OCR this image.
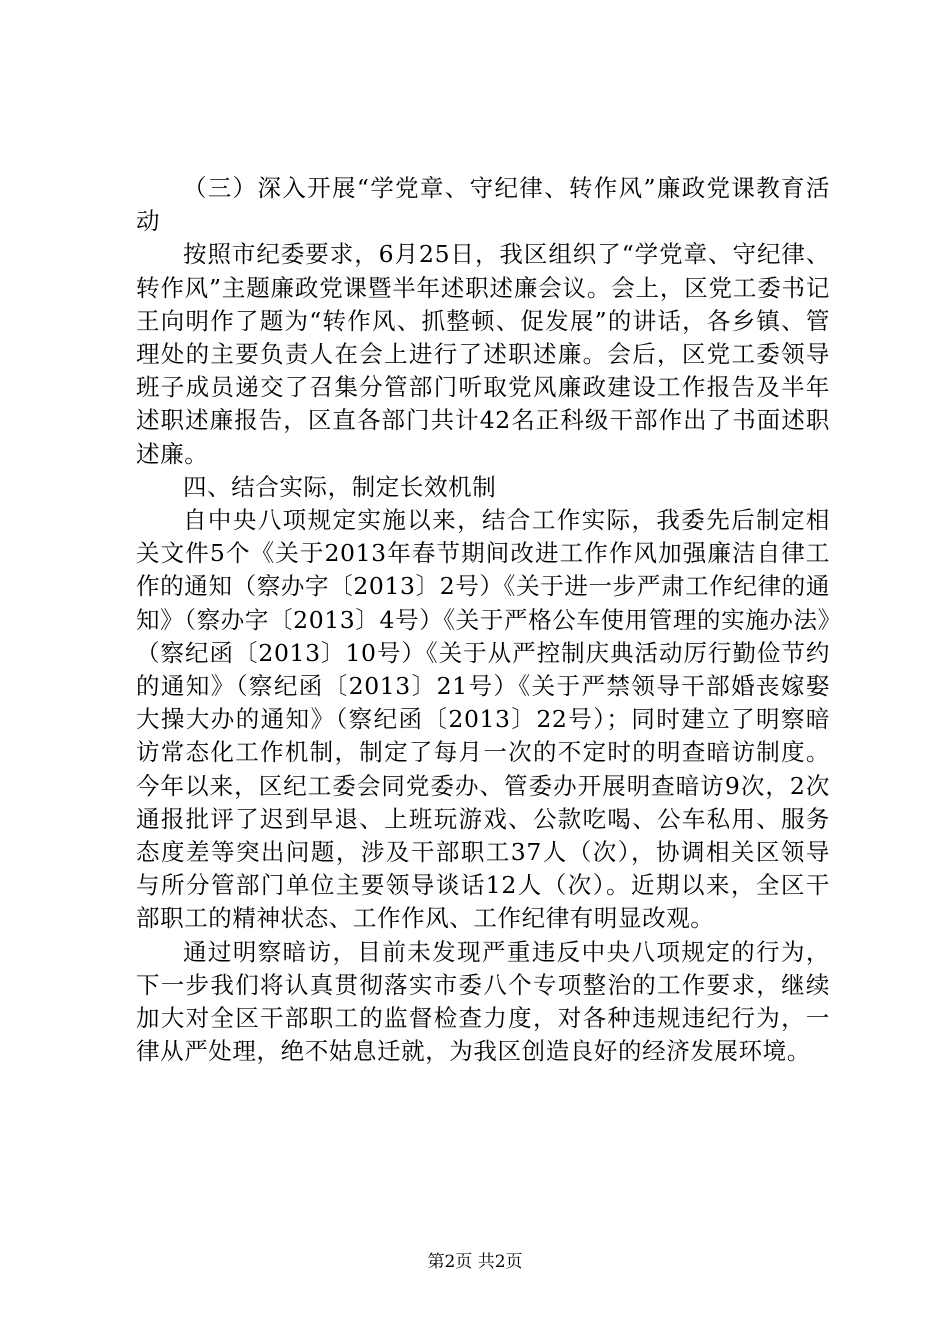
（三）深入开展“学党章、守纪律、转作风”廉政党课教育活动

按照市纪委要求，6月25日，我区组织了“学党章、守纪律、转作风”主题廉政党课暨半年述职述廉会议。会上，区党工委书记王向明作了题为“转作风、抓整顿、促发展”的讲话，各乡镇、管理处的主要负责人在会上进行了述职述廉。会后，区党工委领导班子成员递交了召集分管部门听取党风廉政建设工作报告及半年述职述廉报告，区直各部门共计42名正科级干部作出了书面述职述廉。

四、结合实际，制定长效机制

自中央八项规定实施以来，结合工作实际，我委先后制定相关文件5个《关于2013年春节期间改进工作作风加强廉洁自律工作的通知（察办字〔2013〕2号）《关于进一步严肃工作纪律的通知》（察办字〔2013〕4号）《关于严格公车使用管理的实施办法》（察纪函〔2013〕10号）《关于从严控制庆典活动厉行勤俭节约的通知》（察纪函〔2013〕21号）《关于严禁领导干部婚丧嫁娶大操大办的通知》（察纪函〔2013〕22号）；同时建立了明察暗访常态化工作机制，制定了每月一次的不定时的明查暗访制度。今年以来，区纪工委会同党委办、管委办开展明查暗访9次，2次通报批评了迟到早退、上班玩游戏、公款吃喝、公车私用、服务态度差等突出问题，涉及干部职工37人（次），协调相关区领导与所分管部门单位主要领导谈话12人（次）。近期以来，全区干部职工的精神状态、工作作风、工作纪律有明显改观。

通过明察暗访，目前未发现严重违反中央八项规定的行为，下一步我们将认真贯彻落实市委八个专项整治的工作要求，继续加大对全区干部职工的监督检查力度，对各种违规违纪行为，一律从严处理，绝不姑息迁就，为我区创造良好的经济发展环境。

第2页 共2页
